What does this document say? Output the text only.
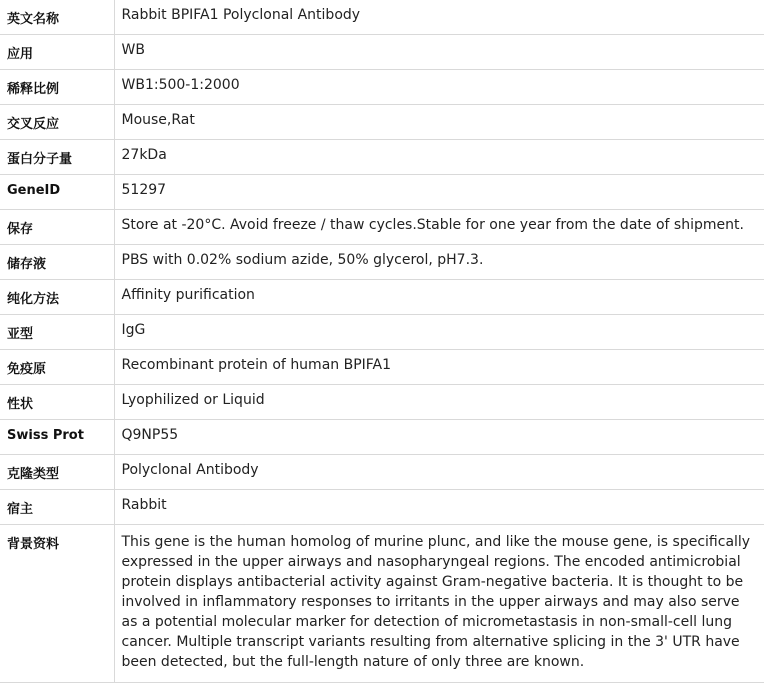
英文名称	Rabbit BPIFA1 Polyclonal Antibody
应用	WB
稀释比例	WB1:500-1:2000
交叉反应	Mouse,Rat
蛋白分子量	27kDa
GeneID	51297
保存	Store at -20°C. Avoid freeze / thaw cycles.Stable for one year from the date of shipment.
储存液	PBS with 0.02% sodium azide, 50% glycerol, pH7.3.
纯化方法	Affinity purification
亚型	IgG
免疫原	Recombinant protein of human BPIFA1
性状	Lyophilized or Liquid
Swiss Prot	Q9NP55
克隆类型	Polyclonal Antibody
宿主	Rabbit
背景资料	This gene is the human homolog of murine plunc, and like the mouse gene, is specifically expressed in the upper airways and nasopharyngeal regions. The encoded antimicrobial protein displays antibacterial activity against Gram-negative bacteria. It is thought to be involved in inflammatory responses to irritants in the upper airways and may also serve as a potential molecular marker for detection of micrometastasis in non-small-cell lung cancer. Multiple transcript variants resulting from alternative splicing in the 3' UTR have been detected, but the full-length nature of only three are known.
